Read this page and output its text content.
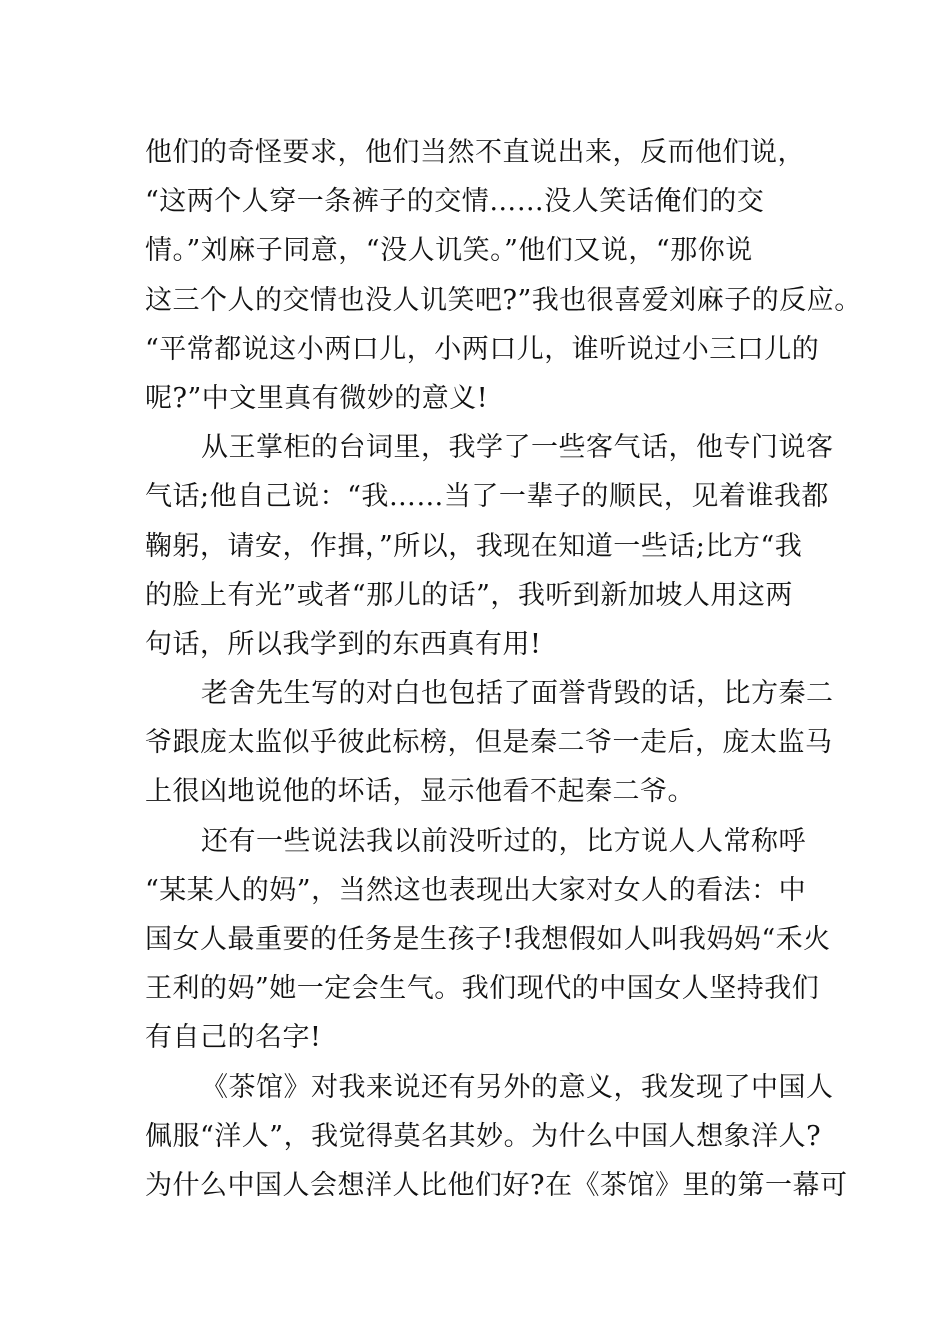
他们的奇怪要求，他们当然不直说出来，反而他们说，
“这两个人穿一条裤子的交情……没人笑话俺们的交
情。”刘麻子同意，“没人讥笑。”他们又说，“那你说
这三个人的交情也没人讥笑吧?”我也很喜爱刘麻子的反应。
“平常都说这小两口儿，小两口儿，谁听说过小三口儿的
呢?”中文里真有微妙的意义!
从王掌柜的台词里，我学了一些客气话，他专门说客
气话;他自己说：“我……当了一辈子的顺民，见着谁我都
鞠躬，请安，作揖，”所以，我现在知道一些话;比方“我
的脸上有光”或者“那儿的话”，我听到新加坡人用这两
句话，所以我学到的东西真有用!
老舍先生写的对白也包括了面誉背毁的话，比方秦二
爷跟庞太监似乎彼此标榜，但是秦二爷一走后，庞太监马
上很凶地说他的坏话，显示他看不起秦二爷。
还有一些说法我以前没听过的，比方说人人常称呼
“某某人的妈”，当然这也表现出大家对女人的看法：中
国女人最重要的任务是生孩子!我想假如人叫我妈妈“禾火
王利的妈”她一定会生气。我们现代的中国女人坚持我们
有自己的名字!
《茶馆》对我来说还有另外的意义，我发现了中国人
佩服“洋人”，我觉得莫名其妙。为什么中国人想象洋人?
为什么中国人会想洋人比他们好?在《茶馆》里的第一幕可
